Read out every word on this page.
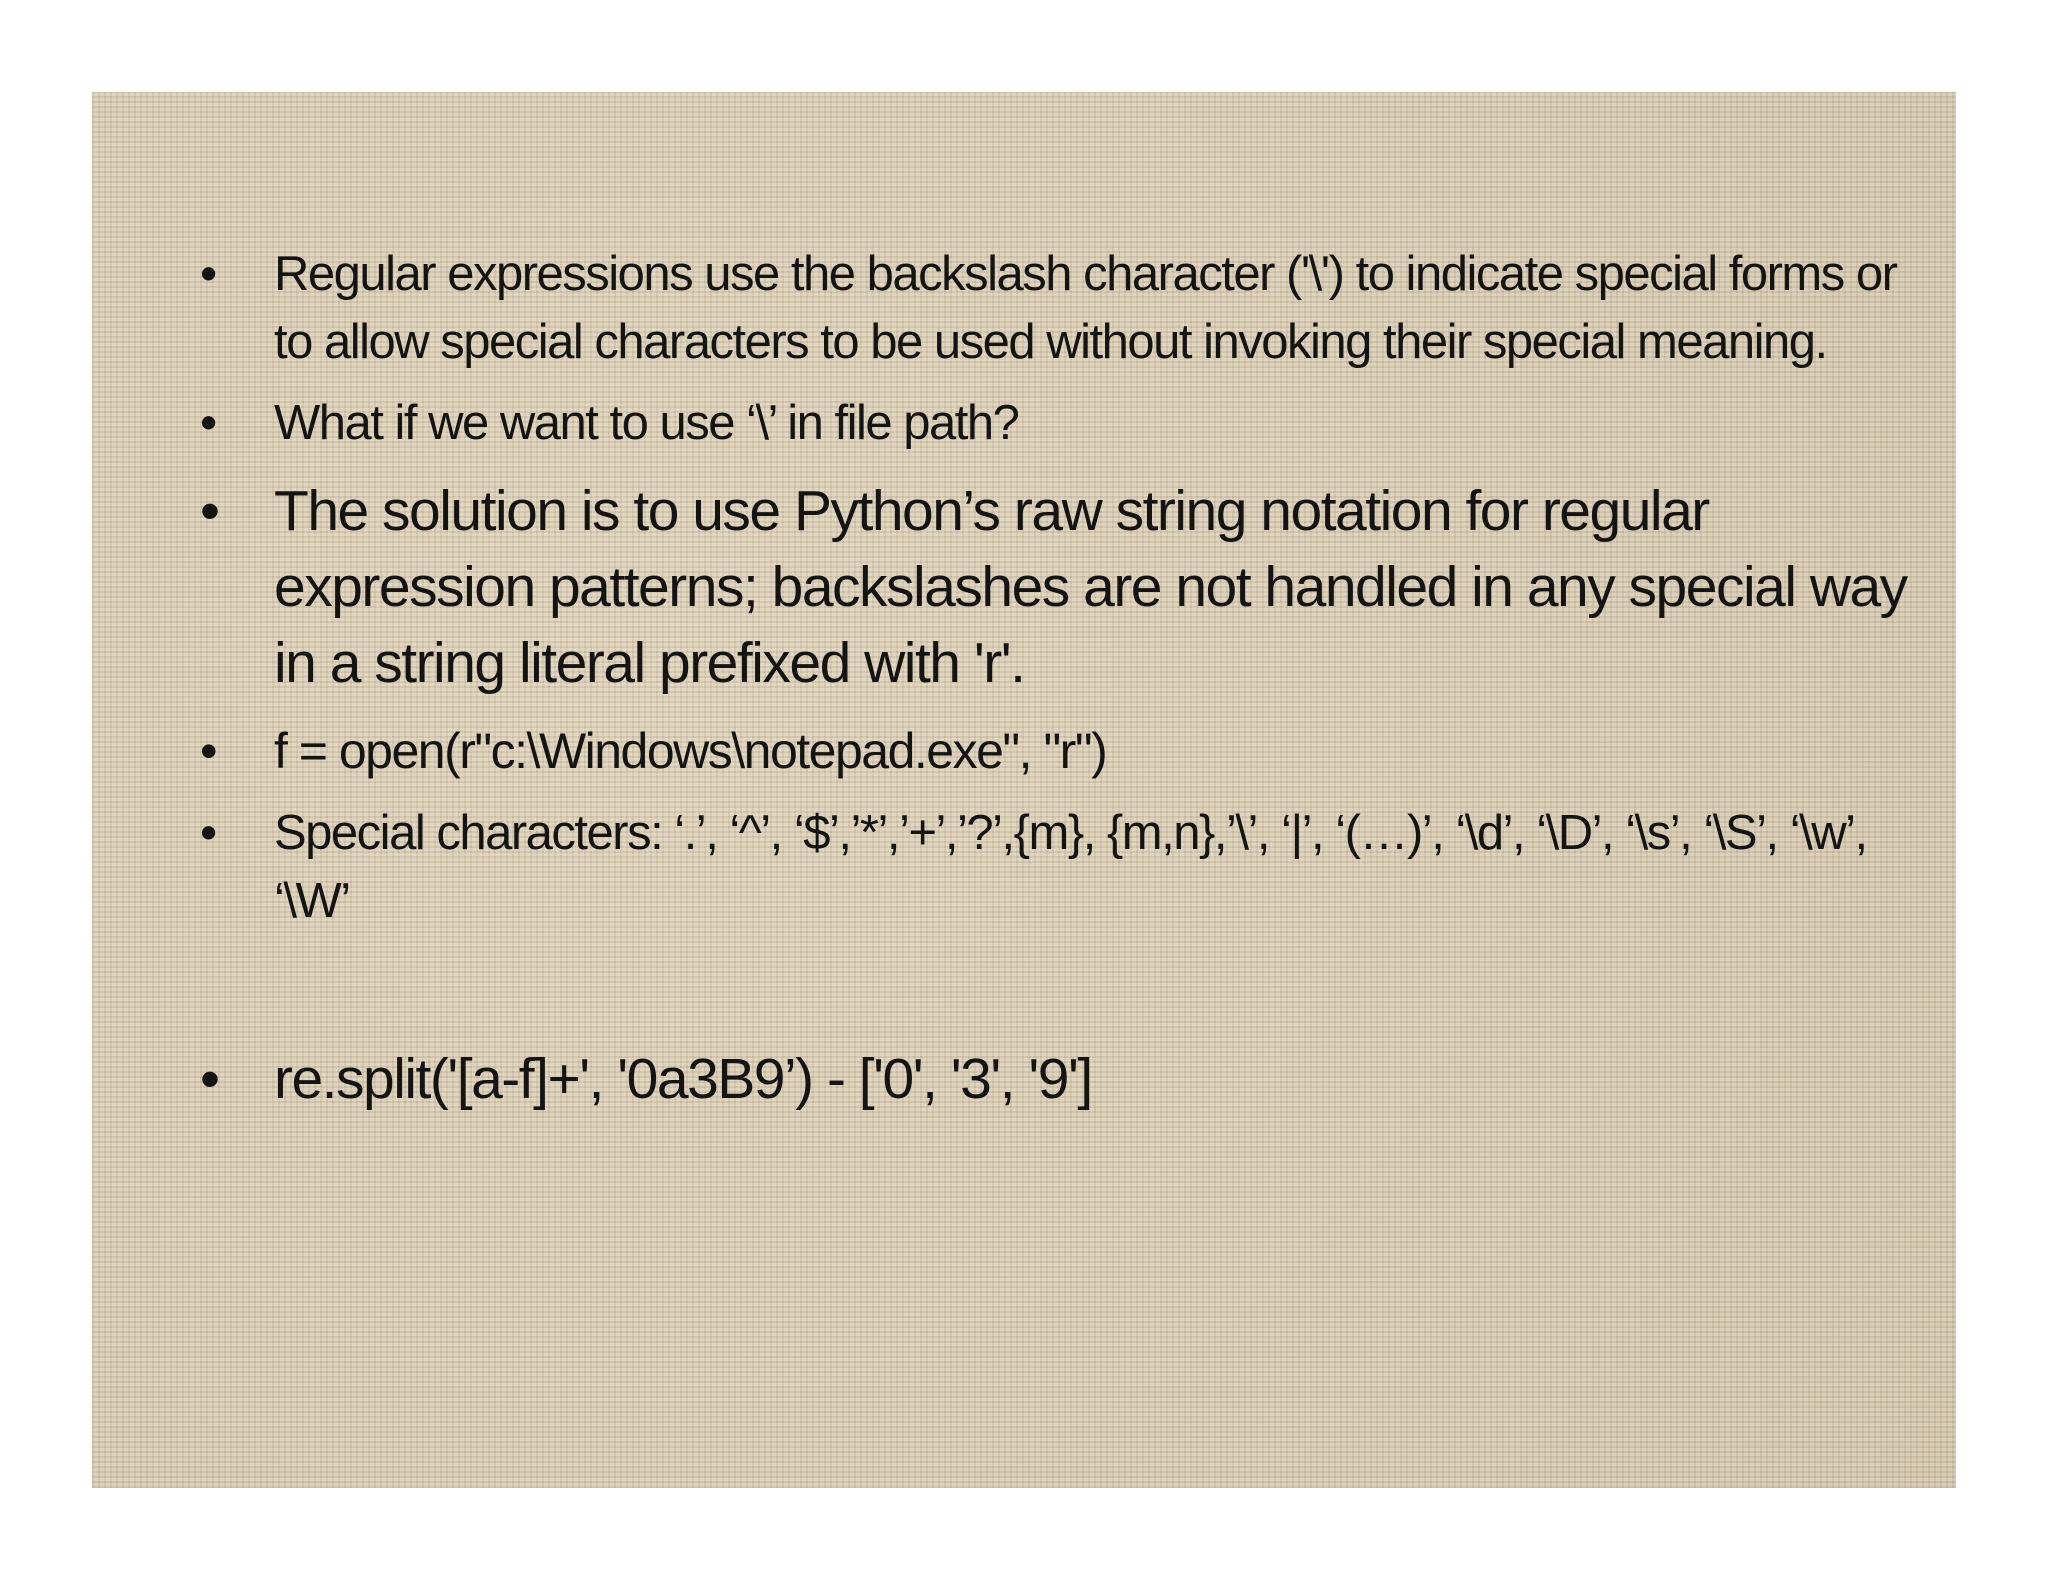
• Regular expressions use the backslash character ('\') to indicate special forms or to allow special characters to be used without invoking their special meaning.
• What if we want to use ‘\’ in file path?
• The solution is to use Python’s raw string notation for regular expression patterns; backslashes are not handled in any special way in a string literal prefixed with 'r'.
• f = open(r"c:\Windows\notepad.exe", "r")
• Special characters: ‘.’, ‘^’, ‘$’,’*’,’+’,’?’,{m}, {m,n},’\’, ‘|’, ‘(…)’, ‘\d’, ‘\D’, ‘\s’, ‘\S’, ‘\w’, ‘\W’
• re.split('[a-f]+', '0a3B9’) - ['0', '3', '9']
